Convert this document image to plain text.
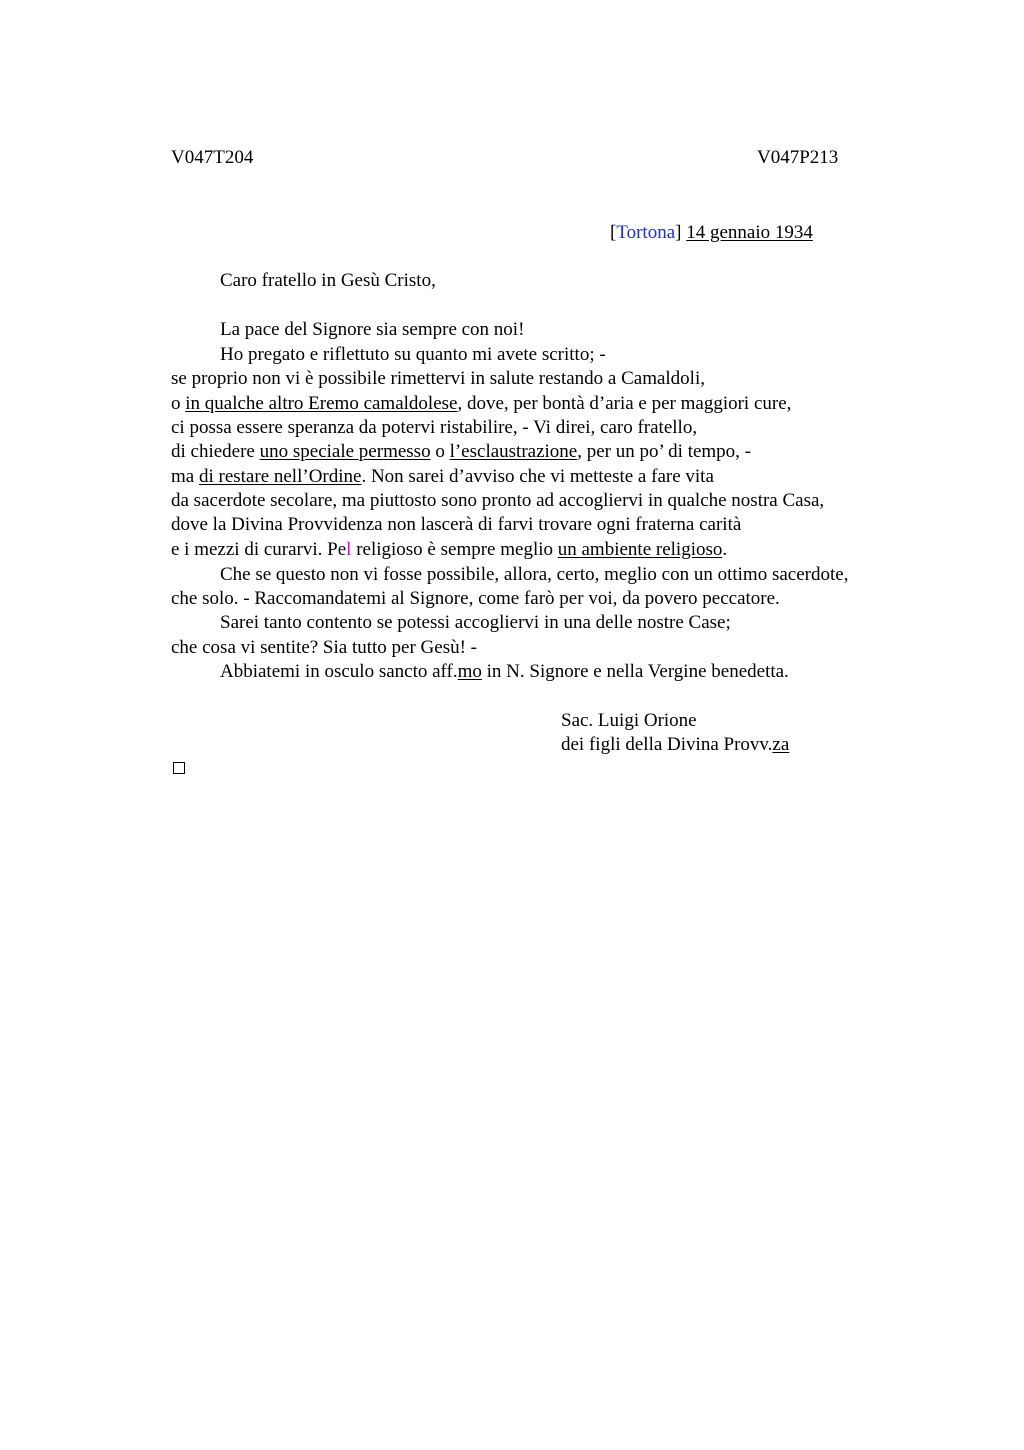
V047T204	V047P213
[Tortona] 14 gennaio 1934
Caro fratello in Gesù Cristo,
La pace del Signore sia sempre con noi!
Ho pregato e riflettuto su quanto mi avete scritto; -
se proprio non vi è possibile rimettervi in salute restando a Camaldoli,
o in qualche altro Eremo camaldolese, dove, per bontà d’aria e per maggiori cure,
ci possa essere speranza da potervi ristabilire, - Vi direi, caro fratello,
di chiedere uno speciale permesso o l’esclaustrazione, per un po’ di tempo, -
ma di restare nell’Ordine. Non sarei d’avviso che vi metteste a fare vita
da sacerdote secolare, ma piuttosto sono pronto ad accogliervi in qualche nostra Casa,
dove la Divina Provvidenza non lascerà di farvi trovare ogni fraterna carità
e i mezzi di curarvi. Pel religioso è sempre meglio un ambiente religioso.
Che se questo non vi fosse possibile, allora, certo, meglio con un ottimo sacerdote,
che solo. - Raccomandatemi al Signore, come farò per voi, da povero peccatore.
Sarei tanto contento se potessi accogliervi in una delle nostre Case;
che cosa vi sentite? Sia tutto per Gesù! -
Abbiatemi in osculo sancto aff.mo in N. Signore e nella Vergine benedetta.
Sac. Luigi Orione
dei figli della Divina Provv.za
